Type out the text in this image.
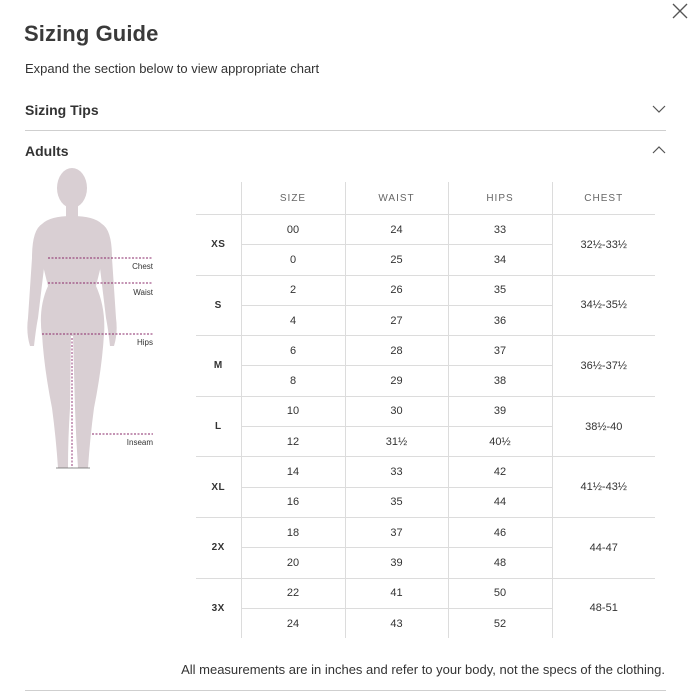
Sizing Guide
Expand the section below to view appropriate chart
Sizing Tips
Adults
Chest
Waist
Hips
Inseam
	SIZE	WAIST	HIPS	CHEST
XS	00	24	33	32½-33½
	0	25	34	
S	2	26	35	34½-35½
	4	27	36	
M	6	28	37	36½-37½
	8	29	38	
L	10	30	39	38½-40
	12	31½	40½	
XL	14	33	42	41½-43½
	16	35	44	
2X	18	37	46	44-47
	20	39	48	
3X	22	41	50	48-51
	24	43	52	
All measurements are in inches and refer to your body, not the specs of the clothing.
